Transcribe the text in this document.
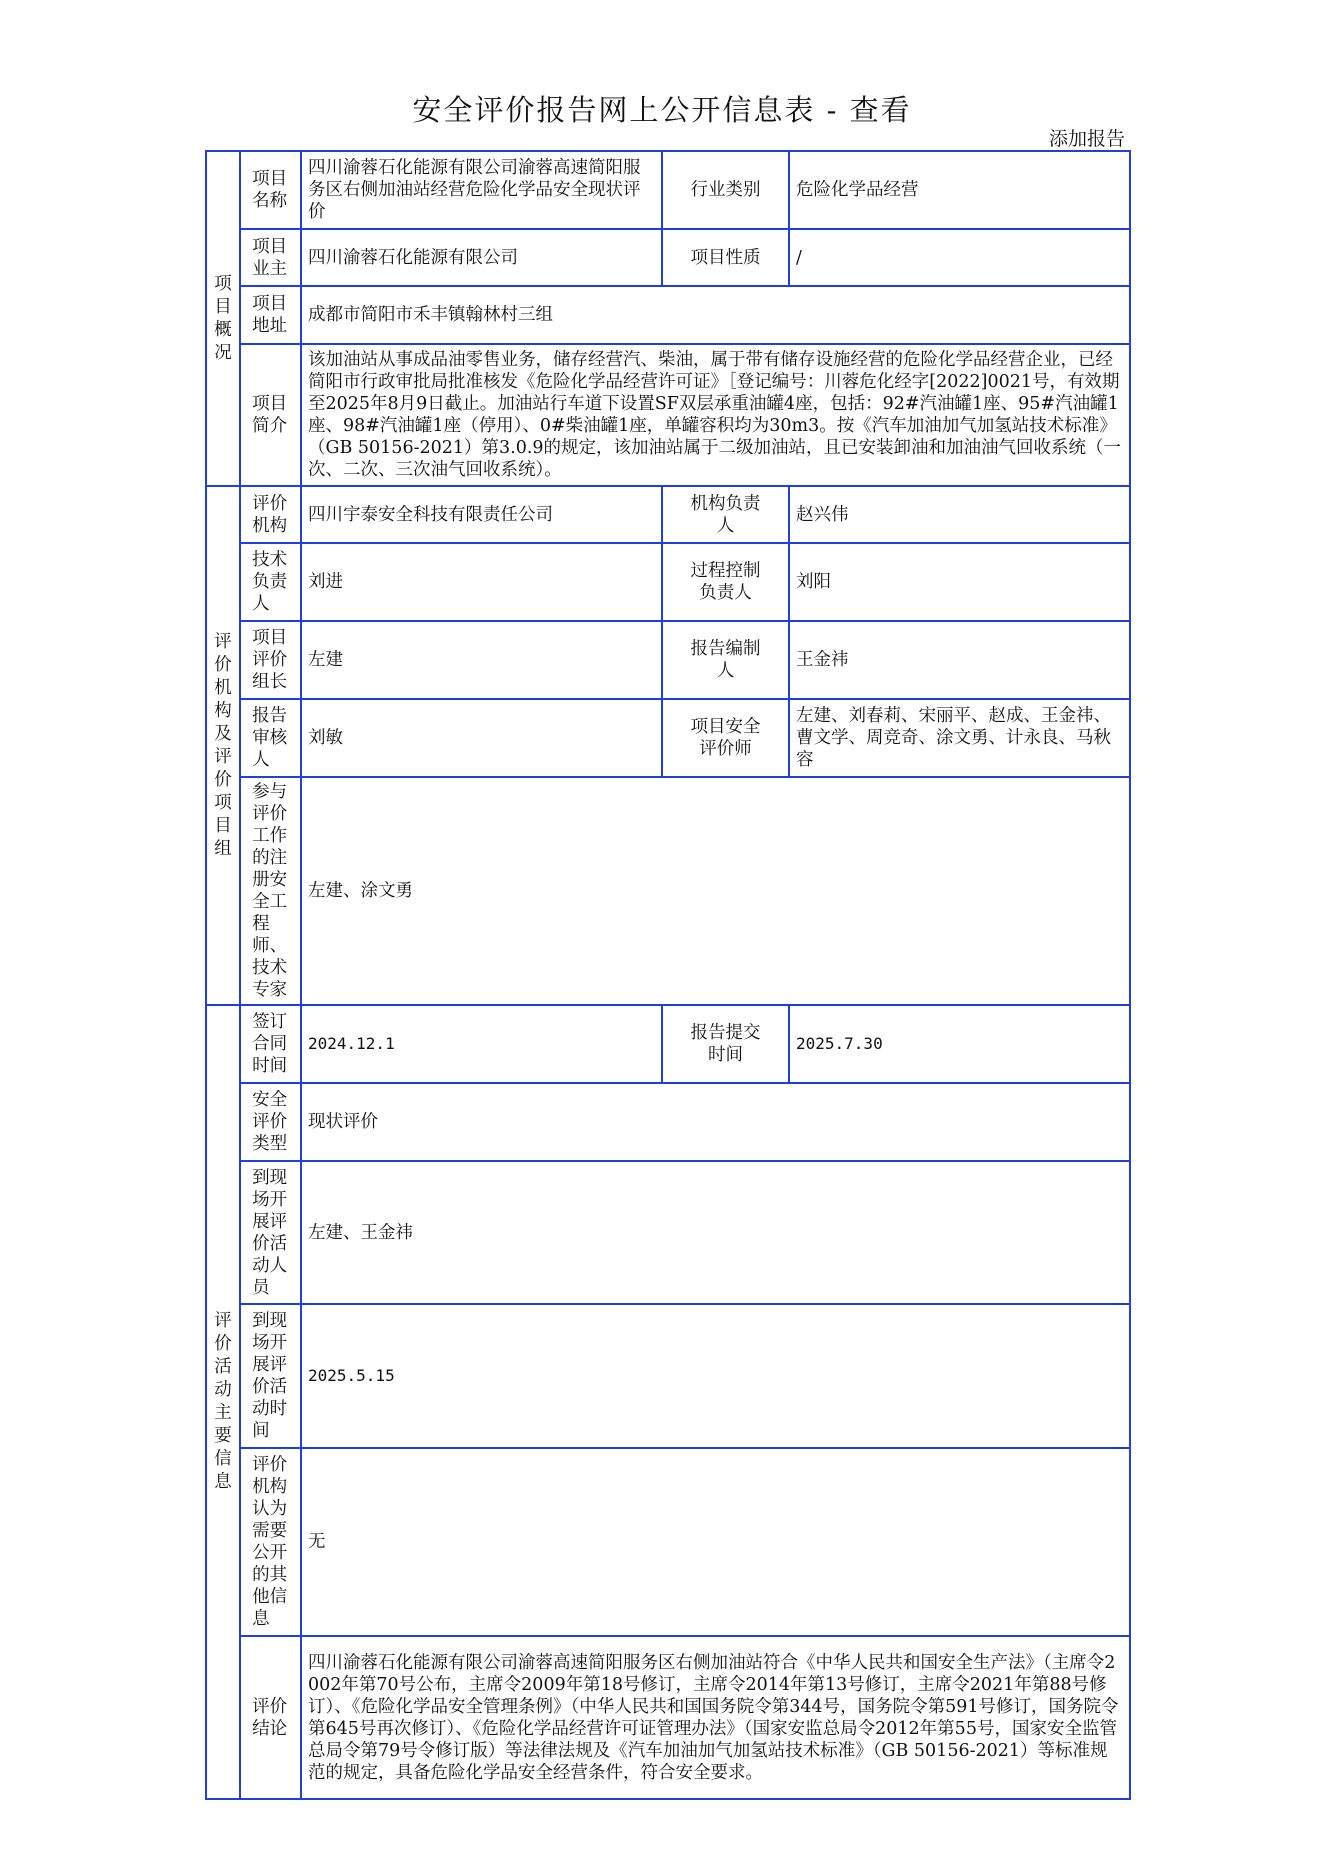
安全评价报告网上公开信息表 - 查看
添加报告
项目概况	项目名称	四川渝蓉石化能源有限公司渝蓉高速简阳服务区右侧加油站经营危险化学品安全现状评价	行业类别	危险化学品经营

	项目业主	四川渝蓉石化能源有限公司	项目性质	/

	项目地址	成都市简阳市禾丰镇翰林村三组		

	项目简介	该加油站从事成品油零售业务，储存经营汽、柴油，属于带有储存设施经营的危险化学品经营企业，已经简阳市行政审批局批准核发《危险化学品经营许可证》［登记编号：川蓉危化经字[2022]0021号，有效期至2025年8月9日截止。加油站行车道下设置SF双层承重油罐4座，包括：92#汽油罐1座、95#汽油罐1座、98#汽油罐1座（停用）、0#柴油罐1座，单罐容积均为30m3。按《汽车加油加气加氢站技术标准》（GB 50156-2021）第3.0.9的规定，该加油站属于二级加油站，且已安装卸油和加油油气回收系统（一次、二次、三次油气回收系统）。		

评价机构及评价项目组	评价机构	四川宇泰安全科技有限责任公司	机构负责人	赵兴伟

	技术负责人	刘进	过程控制负责人	刘阳

	项目评价组长	左建	报告编制人	王金祎

	报告审核人	刘敏	项目安全评价师	左建、刘春莉、宋丽平、赵成、王金祎、曹文学、周竞奇、涂文勇、计永良、马秋容

	参与评价工作的注册安全工程师、技术专家	左建、涂文勇		

评价活动主要信息	签订合同时间	2024.12.1	报告提交时间	2025.7.30

	安全评价类型	现状评价		

	到现场开展评价活动人员	左建、王金祎		

	到现场开展评价活动时间	2025.5.15		

	评价机构认为需要公开的其他信息	无		

	评价结论	四川渝蓉石化能源有限公司渝蓉高速简阳服务区右侧加油站符合《中华人民共和国安全生产法》（主席令2002年第70号公布，主席令2009年第18号修订，主席令2014年第13号修订，主席令2021年第88号修订）、《危险化学品安全管理条例》（中华人民共和国国务院令第344号，国务院令第591号修订，国务院令第645号再次修订）、《危险化学品经营许可证管理办法》（国家安监总局令2012年第55号，国家安全监管总局令第79号令修订版）等法律法规及《汽车加油加气加氢站技术标准》（GB 50156-2021）等标准规范的规定，具备危险化学品安全经营条件，符合安全要求。		
